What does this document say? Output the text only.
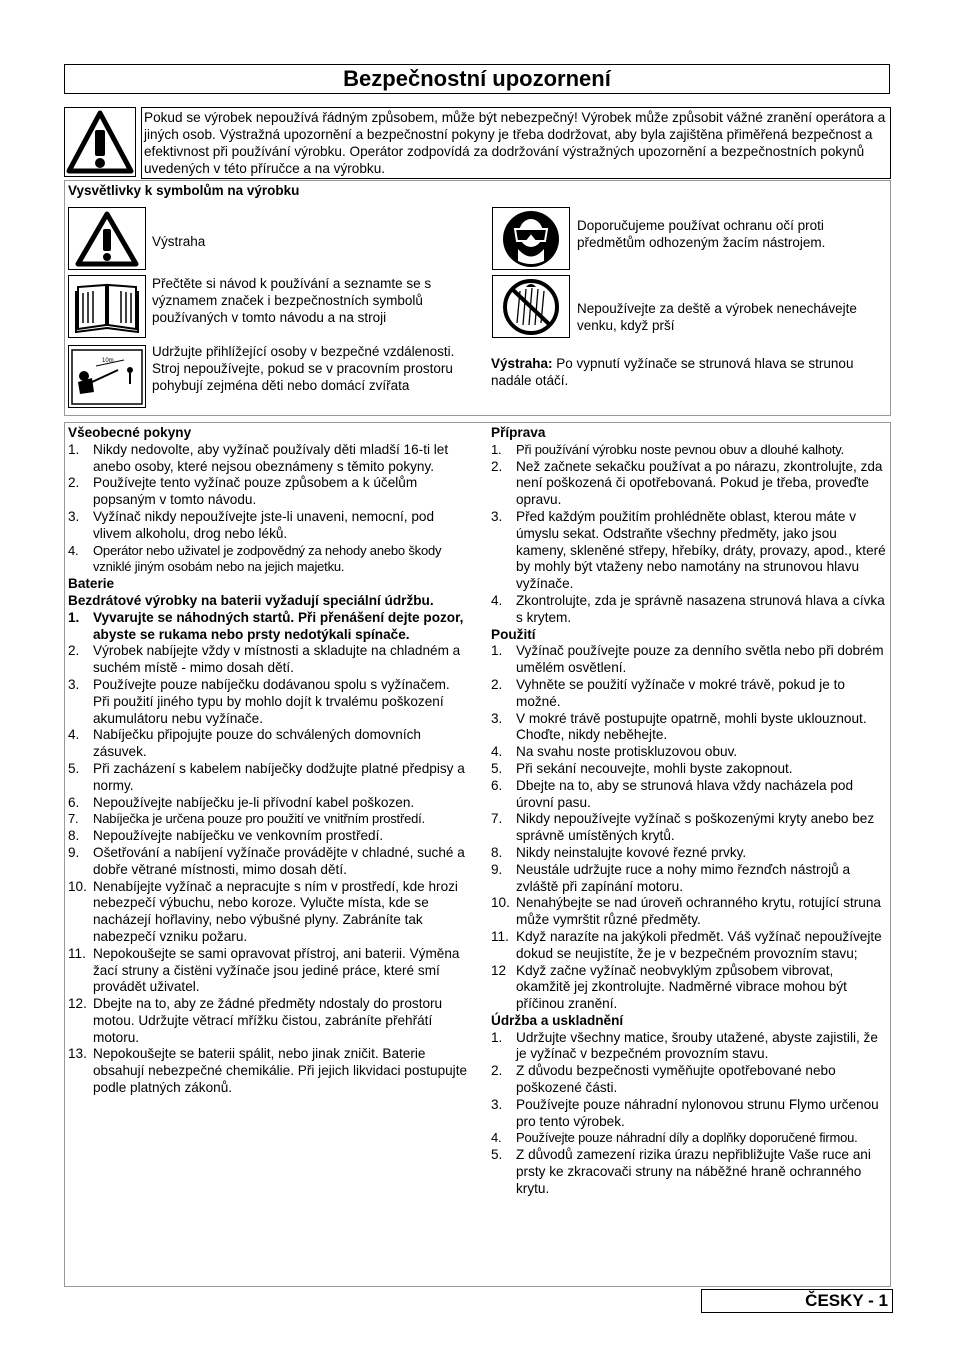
Bezpečnostní upozornení
Pokud se výrobek nepoužívá řádným způsobem, může být nebezpečný! Výrobek může způsobit vážné zranění operátora a jiných osob. Výstražná upozornění a bezpečnostní pokyny je třeba dodržovat, aby byla zajištěna přiměřená bezpečnost a efektivnost při používání výrobku. Operátor zodpovídá za dodržování výstražných upozornění a bezpečnostních pokynů uvedených v této příručce a na výrobku.
Vysvětlivky k symbolům na výrobku
Výstraha
Přečtěte si návod k používání a seznamte se s významem značek i bezpečnostních symbolů používaných v tomto návodu a na stroji
10m
Udržujte přihlížející osoby v bezpečné vzdálenosti. Stroj nepoužívejte, pokud se v pracovním prostoru pohybují zejména děti nebo domácí zvířata
Doporučujeme používat ochranu očí proti předmětům odhozeným žacím nástrojem.
Nepoužívejte za deště a výrobek nenechávejte venku, když prší
Výstraha: Po vypnutí vyžínače se strunová hlava se strunou nadále otáčí.
Všeobecné pokyny
1. Nikdy nedovolte, aby vyžínač používaly děti mladší 16-ti let anebo osoby, které nejsou obeznámeny s těmito pokyny.
2. Používejte tento vyžínač pouze způsobem a k účelům popsaným v tomto návodu.
3. Vyžínač nikdy nepoužívejte jste-li unaveni, nemocní, pod vlivem alkoholu, drog nebo léků.
4. Operátor nebo uživatel je zodpovědný za nehody anebo škody vzniklé jiným osobám nebo na jejich majetku.
Baterie
Bezdrátové výrobky na baterii vyžadují speciální údržbu.
1. Vyvarujte se náhodných startů. Při přenášení dejte pozor, abyste se rukama nebo prsty nedotýkali spínače.
2. Výrobek nabíjejte vždy v místnosti a skladujte na chladném a suchém místě - mimo dosah dětí.
3. Používejte pouze nabíječku dodávanou spolu s vyžínačem. Při použití jiného typu by mohlo dojít k trvalému poškození akumulátoru nebu vyžínače.
4. Nabíječku připojujte pouze do schválených domovních zásuvek.
5. Při zacházení s kabelem nabíječky dodžujte platné předpisy a normy.
6. Nepoužívejte nabíječku je-li přívodní kabel poškozen.
7. Nabíječka je určena pouze pro použití ve vnitřním prostředí.
8. Nepoužívejte nabíječku ve venkovním prostředí.
9. Ošetřování a nabíjení vyžínače provádějte v chladné, suché a dobře větrané místnosti, mimo dosah dětí.
10. Nenabíjejte vyžínač a nepracujte s ním v prostředí, kde hrozi nebezpečí výbuchu, nebo koroze. Vylučte místa, kde se nacházejí hořlaviny, nebo výbušné plyny. Zabráníte tak nabezpečí vzniku požaru.
11. Nepokoušejte se sami opravovat přístroj, ani baterii. Výměna žací struny a čistëni vyžínače jsou jediné práce, které smí provádět uživatel.
12. Dbejte na to, aby ze žádné předměty ndostaly do prostoru motou. Udržujte větrací mřížku čistou, zabráníte přehřátí motoru.
13. Nepokoušejte se baterii spálit, nebo jinak zničit. Baterie obsahují nebezpečné chemikálie. Při jejich likvidaci postupujte podle platných zákonů.
Příprava
1. Při používání výrobku noste pevnou obuv a dlouhé kalhoty.
2. Než začnete sekačku používat a po nárazu, zkontrolujte, zda není poškozená či opotřebovaná. Pokud je třeba, proveďte opravu.
3. Před každým použitím prohlédněte oblast, kterou máte v úmyslu sekat. Odstraňte všechny předměty, jako jsou kameny, skleněné střepy, hřebíky, dráty, provazy, apod., které by mohly být vtaženy nebo namotány na strunovou hlavu vyžínače.
4. Zkontrolujte, zda je správně nasazena strunová hlava a cívka s krytem.
Použití
1. Vyžínač používejte pouze za denního světla nebo při dobrém umělém osvětlení.
2. Vyhněte se použití vyžínače v mokré trávě, pokud je to možné.
3. V mokré trávě postupujte opatrně, mohli byste uklouznout. Choďte, nikdy neběhejte.
4. Na svahu noste protiskluzovou obuv.
5. Při sekání necouvejte, mohli byste zakopnout.
6. Dbejte na to, aby se strunová hlava vždy nacházela pod úrovní pasu.
7. Nikdy nepoužívejte vyžínač s poškozenými kryty anebo bez správně umístěných krytů.
8. Nikdy neinstalujte kovové řezné prvky.
9. Neustále udržujte ruce a nohy mimo řeznďch nástrojů a zvláště při zapínání motoru.
10. Nenahýbejte se nad úroveň ochranného krytu, rotující struna může vymrštit různé předměty.
11. Když narazíte na jakýkoli předmět. Váš vyžínač nepoužívejte dokud se neujistíte, že je v bezpečném provozním stavu;
12 Když začne vyžínač neobvyklým způsobem vibrovat, okamžitě jej zkontrolujte. Nadměrné vibrace mohou být příčinou zranění.
Údržba a uskladnění
1. Udržujte všechny matice, šrouby utažené, abyste zajistili, že je vyžínač v bezpečném provozním stavu.
2. Z důvodu bezpečnosti vyměňujte opotřebované nebo poškozené části.
3. Používejte pouze náhradní nylonovou strunu Flymo určenou pro tento výrobek.
4. Používejte pouze náhradní díly a doplňky doporučené firmou.
5. Z důvodů zamezení rizika úrazu nepřibližujte Vaše ruce ani prsty ke zkracovači struny na náběžné hraně ochranného krytu.
ČESKY - 1
